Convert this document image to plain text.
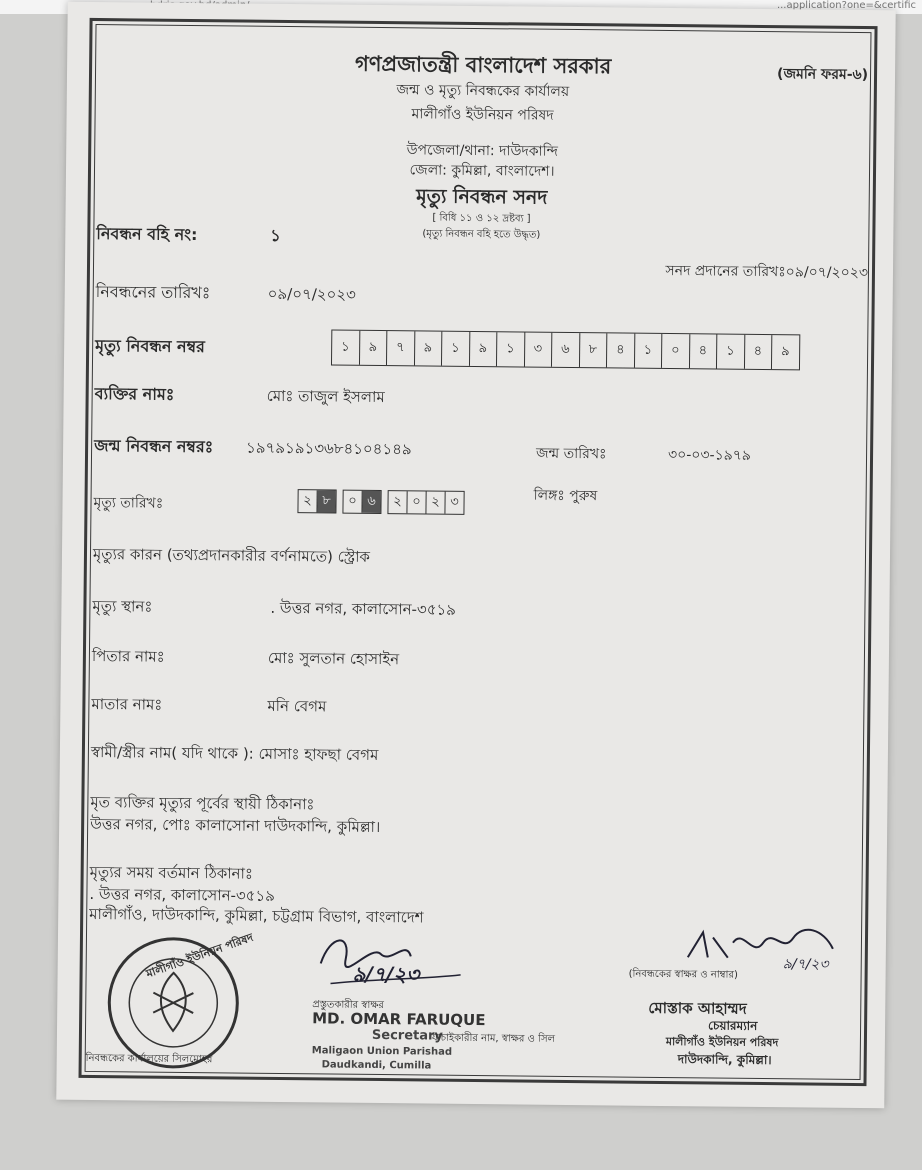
...application?one=&certific
গণপ্রজাতন্ত্রী বাংলাদেশ সরকার	(জমনি ফরম-৬)
জন্ম ও মৃত্যু নিবন্ধকের কার্যালয়
মালীগাঁও ইউনিয়ন পরিষদ
উপজেলা/থানা: দাউদকান্দি
জেলা: কুমিল্লা, বাংলাদেশ।
মৃত্যু নিবন্ধন সনদ
[ বিধি ১১ ও ১২ দ্রষ্টব্য ]
(মৃত্যু নিবন্ধন বহি হতে উদ্ধৃত)
নিবন্ধন বহি নং:	১
সনদ প্রদানের তারিখঃ০৯/০৭/২০২৩
নিবন্ধনের তারিখঃ	০৯/০৭/২০২৩
মৃত্যু নিবন্ধন নম্বর	১	৯	৭	৯	১	৯	১	৩	৬	৮	৪	১	০	৪	১	৪	৯
ব্যক্তির নামঃ	মোঃ তাজুল ইসলাম
জন্ম নিবন্ধন নম্বরঃ ১৯৭৯১৯১৩৬৮৪১০৪১৪৯	জন্ম তারিখঃ	৩০-০৩-১৯৭৯
মৃত্যু তারিখঃ	২ ৮	০ ৬	২ ০ ২ ৩	লিঙ্গঃ পুরুষ
মৃত্যুর কারন (তথ্যপ্রদানকারীর বর্ণনামতে) স্ট্রোক
মৃত্যু স্থানঃ	. উত্তর নগর, কালাসোন-৩৫১৯
পিতার নামঃ	মোঃ সুলতান হোসাইন
মাতার নামঃ	মনি বেগম
স্বামী/স্ত্রীর নাম( যদি থাকে ): মোসাঃ হাফছা বেগম
মৃত ব্যক্তির মৃত্যুর পূর্বের স্থায়ী ঠিকানাঃ
উত্তর নগর, পোঃ কালাসোনা দাউদকান্দি, কুমিল্লা।
মৃত্যুর সময় বর্তমান ঠিকানাঃ
. উত্তর নগর, কালাসোন-৩৫১৯
মালীগাঁও, দাউদকান্দি, কুমিল্লা, চট্টগ্রাম বিভাগ, বাংলাদেশ
৯/৭/২৩
প্রস্তুতকারীর স্বাক্ষর
MD. OMAR FARUQUE
Secretary
যাচাইকারীর নাম, স্বাক্ষর ও সিল
Maligaon Union Parishad
Daudkandi, Cumilla
৯/৭/২৩
(নিবন্ধকের স্বাক্ষর ও নাম্বার)
মোস্তাক আহাম্মদ
চেয়ারম্যান
মালীগাঁও ইউনিয়ন পরিষদ
দাউদকান্দি, কুমিল্লা।
নিবন্ধকের কার্যালয়ের সিলমোহর
মালীগাঁও ইউনিয়ন পরিষদ
